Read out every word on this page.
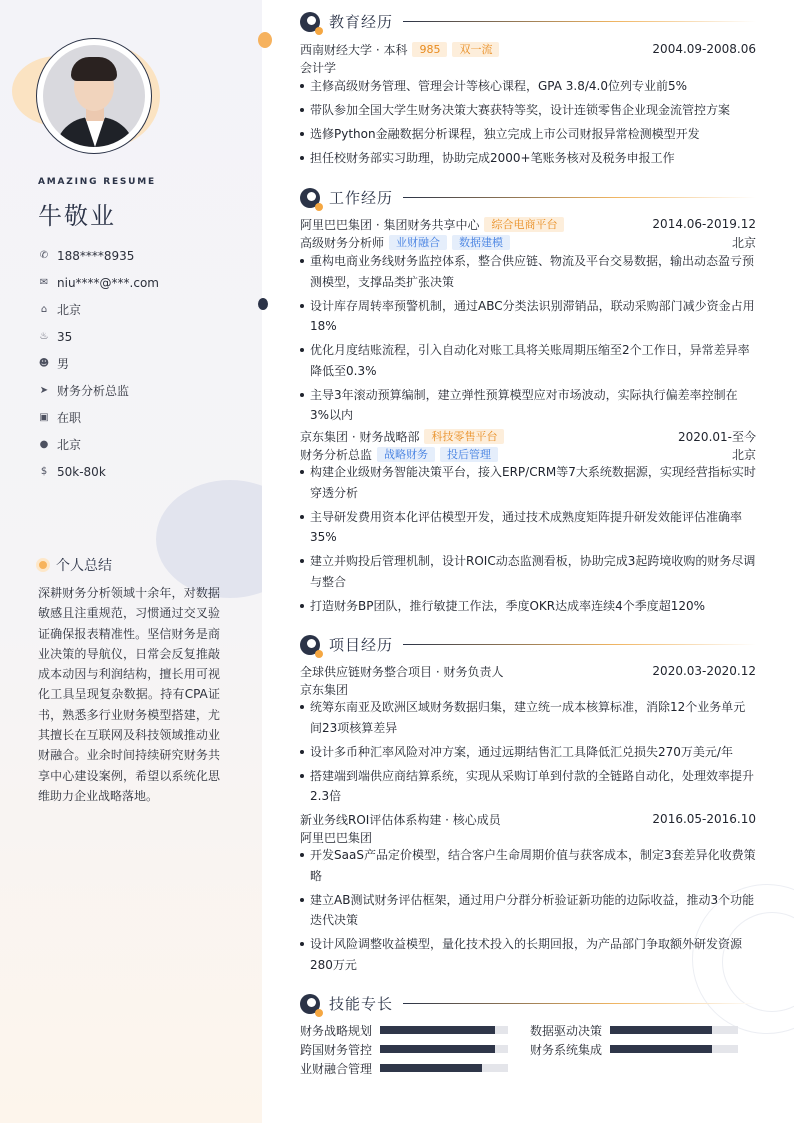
AMAZING RESUME
牛敬业
✆ 188****8935
✉ niu****@***.com
⌂ 北京
♨ 35
☻ 男
➤ 财务分析总监
▣ 在职
● 北京
$ 50k-80k
个人总结
深耕财务分析领域十余年，对数据敏感且注重规范，习惯通过交叉验证确保报表精准性。坚信财务是商业决策的导航仪，日常会反复推敲成本动因与利润结构，擅长用可视化工具呈现复杂数据。持有CPA证书，熟悉多行业财务模型搭建，尤其擅长在互联网及科技领域推动业财融合。业余时间持续研究财务共享中心建设案例，希望以系统化思维助力企业战略落地。
教育经历
西南财经大学 · 本科	985	双一流	2004.09-2008.06
会计学
主修高级财务管理、管理会计等核心课程，GPA 3.8/4.0位列专业前5%
带队参加全国大学生财务决策大赛获特等奖，设计连锁零售企业现金流管控方案
选修Python金融数据分析课程，独立完成上市公司财报异常检测模型开发
担任校财务部实习助理，协助完成2000+笔账务核对及税务申报工作
工作经历
阿里巴巴集团 · 集团财务共享中心	综合电商平台	2014.06-2019.12
高级财务分析师	业财融合	数据建模	北京
重构电商业务线财务监控体系，整合供应链、物流及平台交易数据，输出动态盈亏预测模型，支撑品类扩张决策
设计库存周转率预警机制，通过ABC分类法识别滞销品，联动采购部门减少资金占用18%
优化月度结账流程，引入自动化对账工具将关账周期压缩至2个工作日，异常差异率降低至0.3%
主导3年滚动预算编制，建立弹性预算模型应对市场波动，实际执行偏差率控制在3%以内
京东集团 · 财务战略部	科技零售平台	2020.01-至今
财务分析总监	战略财务	投后管理	北京
构建企业级财务智能决策平台，接入ERP/CRM等7大系统数据源，实现经营指标实时穿透分析
主导研发费用资本化评估模型开发，通过技术成熟度矩阵提升研发效能评估准确率35%
建立并购投后管理机制，设计ROIC动态监测看板，协助完成3起跨境收购的财务尽调与整合
打造财务BP团队，推行敏捷工作法，季度OKR达成率连续4个季度超120%
项目经历
全球供应链财务整合项目 · 财务负责人	2020.03-2020.12
京东集团
统筹东南亚及欧洲区域财务数据归集，建立统一成本核算标准，消除12个业务单元间23项核算差异
设计多币种汇率风险对冲方案，通过远期结售汇工具降低汇兑损失270万美元/年
搭建端到端供应商结算系统，实现从采购订单到付款的全链路自动化，处理效率提升2.3倍
新业务线ROI评估体系构建 · 核心成员	2016.05-2016.10
阿里巴巴集团
开发SaaS产品定价模型，结合客户生命周期价值与获客成本，制定3套差异化收费策略
建立AB测试财务评估框架，通过用户分群分析验证新功能的边际收益，推动3个功能迭代决策
设计风险调整收益模型，量化技术投入的长期回报，为产品部门争取额外研发资源280万元
技能专长
财务战略规划	数据驱动决策
跨国财务管控	财务系统集成
业财融合管理
